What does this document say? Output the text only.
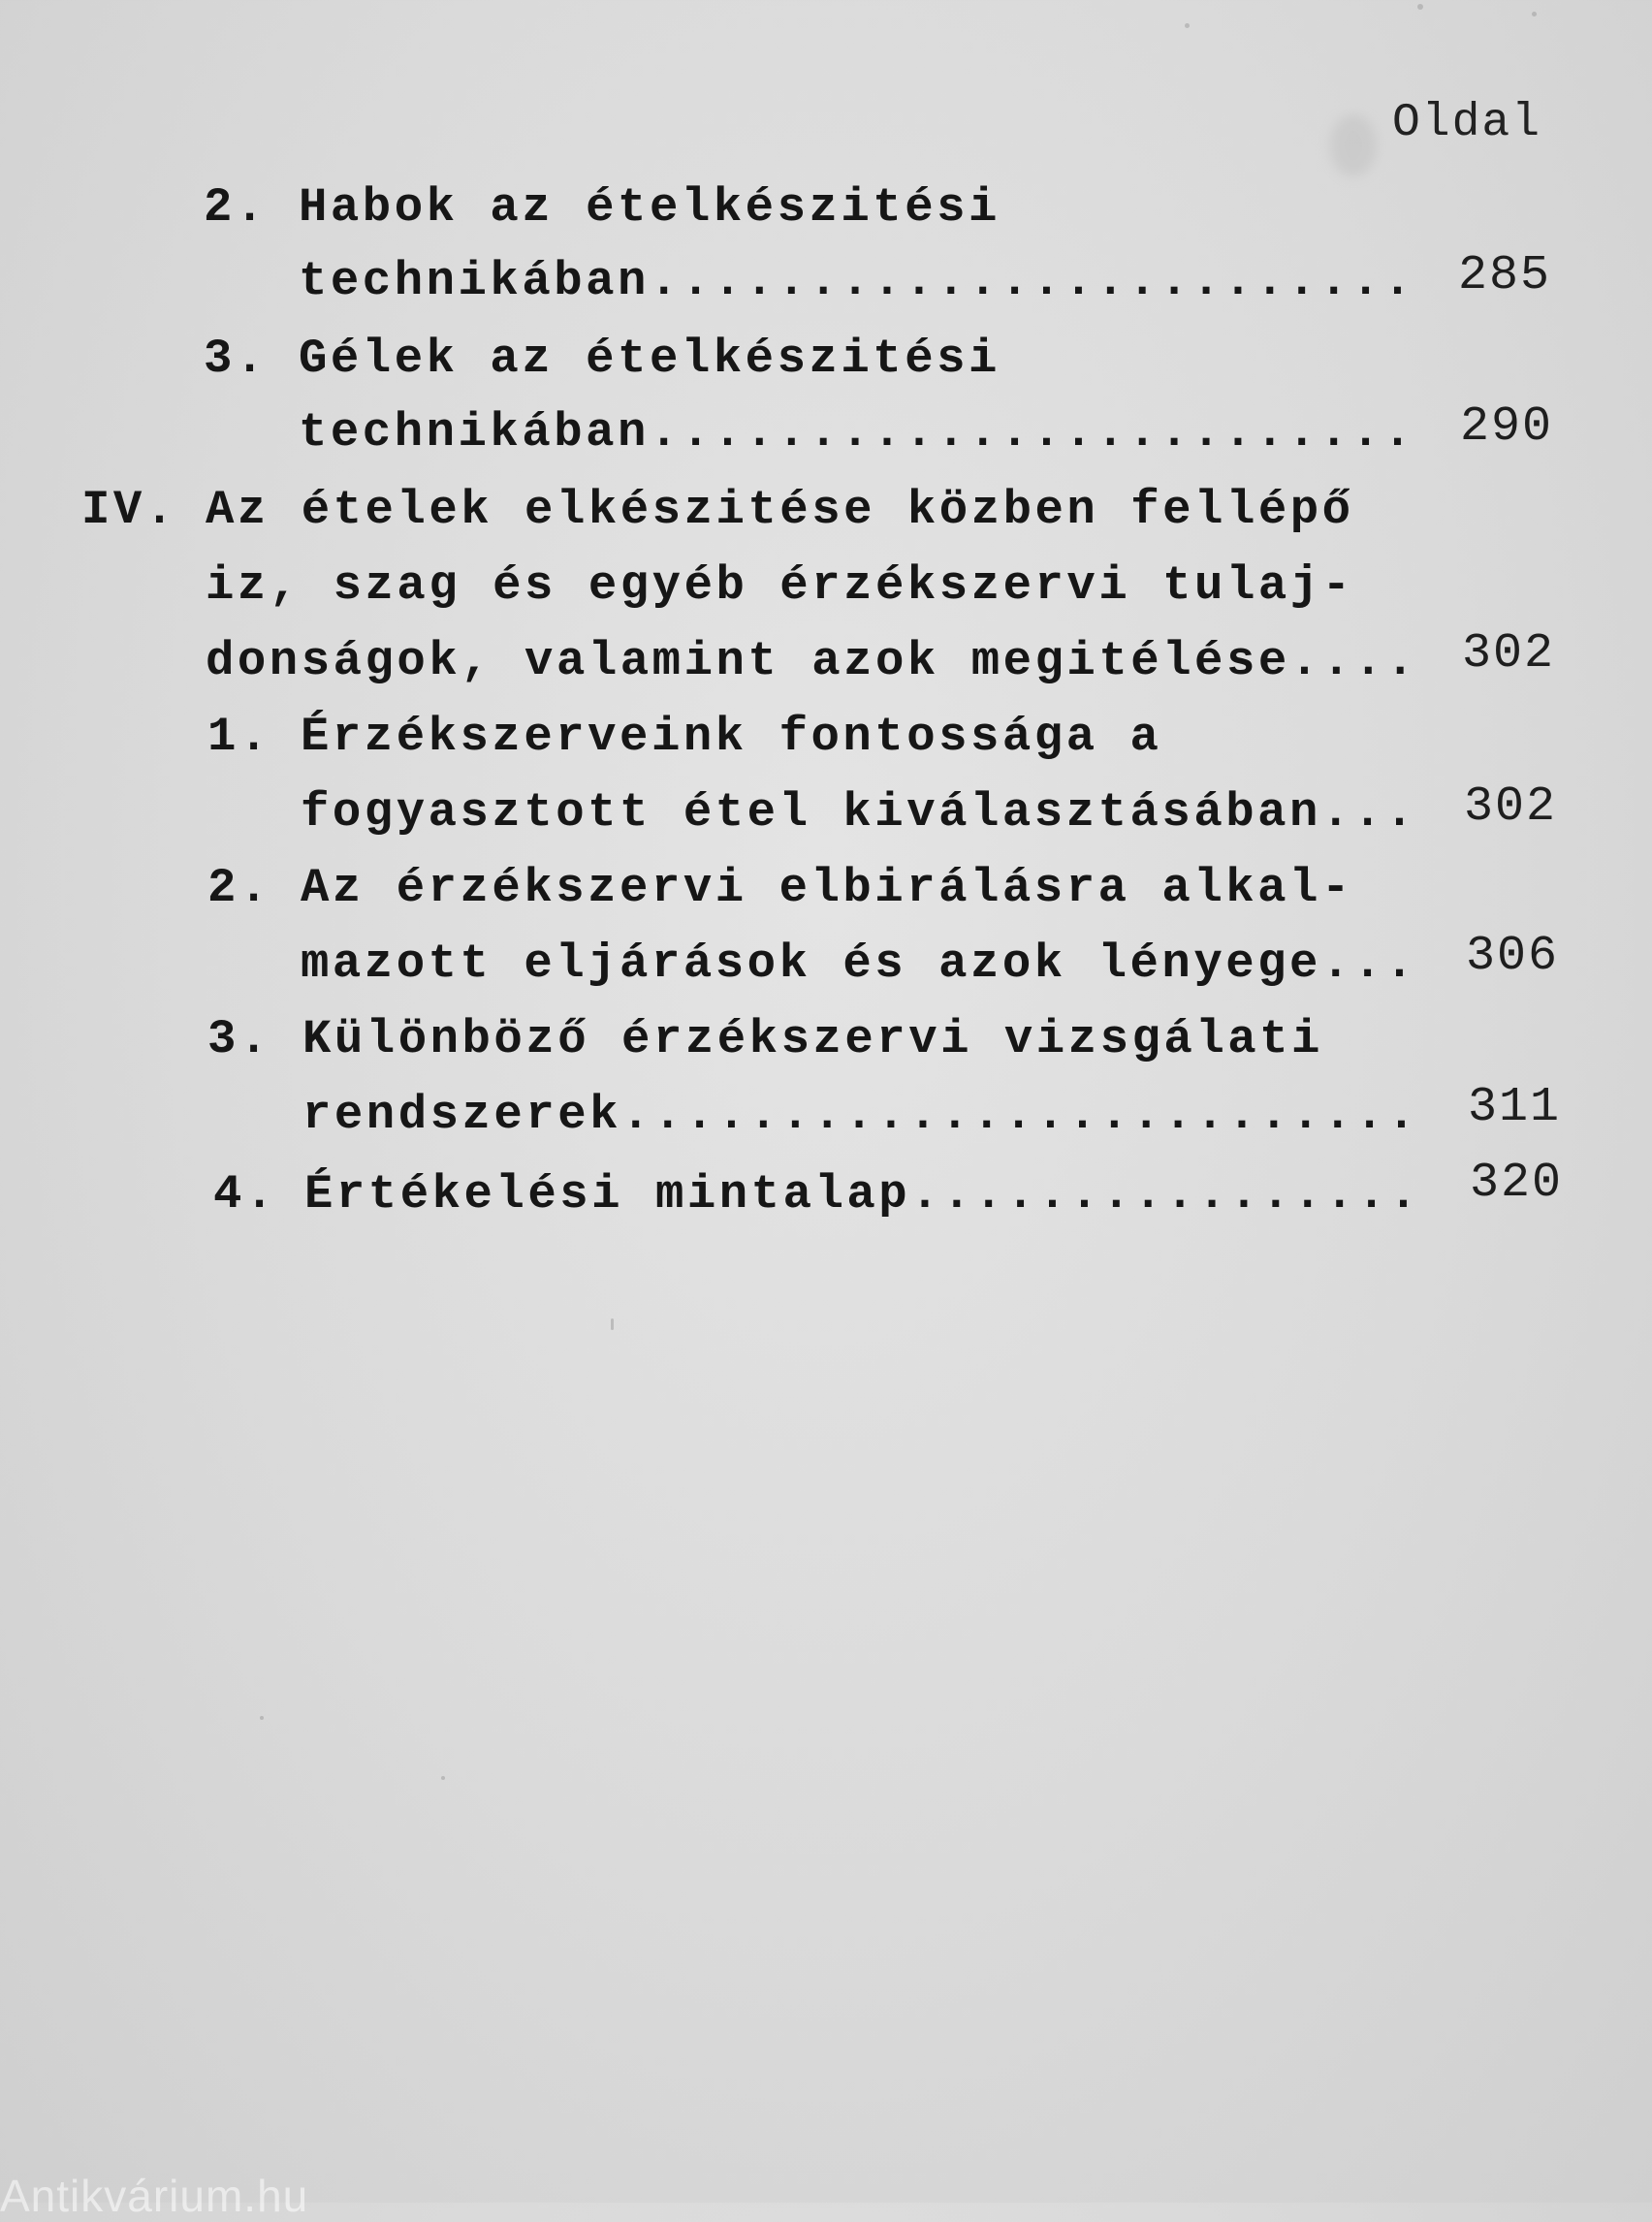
Oldal
2. Habok az ételkészitési
technikában........................ 285
3. Gélek az ételkészitési
technikában........................ 290
IV. Az ételek elkészitése közben fellépő
iz, szag és egyéb érzékszervi tulaj-
donságok, valamint azok megitélése.... 302
1. Érzékszerveink fontossága a
fogyasztott étel kiválasztásában... 302
2. Az érzékszervi elbirálásra alkal-
mazott eljárások és azok lényege... 306
3. Különböző érzékszervi vizsgálati
rendszerek......................... 311
4. Értékelési mintalap................ 320
Antikvárium.hu
